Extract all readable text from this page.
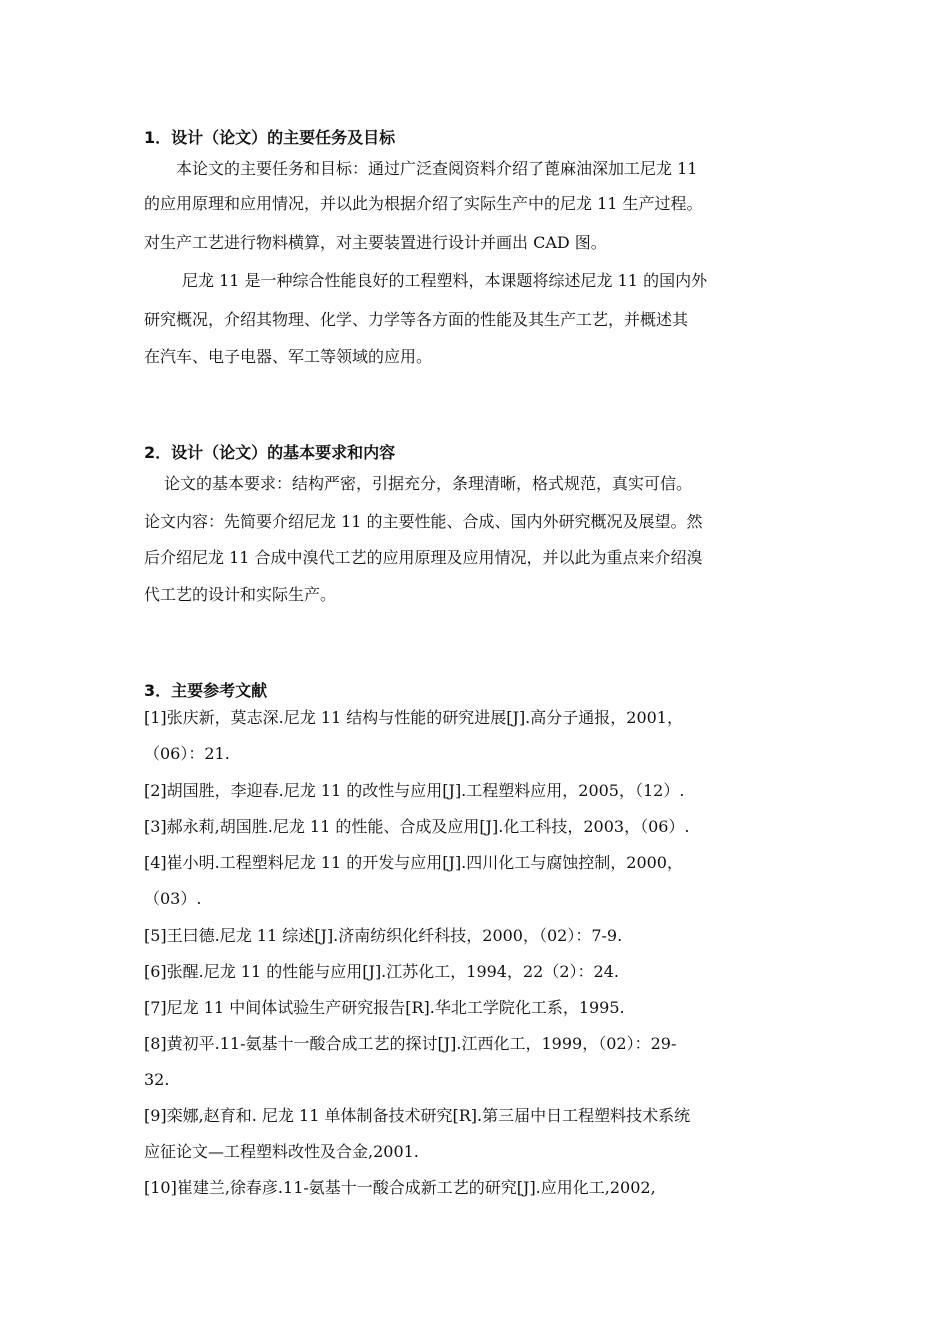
1．设计（论文）的主要任务及目标
本论文的主要任务和目标：通过广泛查阅资料介绍了蓖麻油深加工尼龙 11
的应用原理和应用情况，并以此为根据介绍了实际生产中的尼龙 11 生产过程。
对生产工艺进行物料横算，对主要装置进行设计并画出 CAD 图。
尼龙 11 是一种综合性能良好的工程塑料，本课题将综述尼龙 11 的国内外
研究概况，介绍其物理、化学、力学等各方面的性能及其生产工艺，并概述其
在汽车、电子电器、军工等领域的应用。
2．设计（论文）的基本要求和内容
论文的基本要求：结构严密，引据充分，条理清晰，格式规范，真实可信。
论文内容：先简要介绍尼龙 11 的主要性能、合成、国内外研究概况及展望。然
后介绍尼龙 11 合成中溴代工艺的应用原理及应用情况，并以此为重点来介绍溴
代工艺的设计和实际生产。
3．主要参考文献
[1]张庆新，莫志深.尼龙 11 结构与性能的研究进展[J].高分子通报，2001，
（06）：21.
[2]胡国胜，李迎春.尼龙 11 的改性与应用[J].工程塑料应用，2005，（12）.
[3]郝永莉,胡国胜.尼龙 11 的性能、合成及应用[J].化工科技，2003，（06）.
[4]崔小明.工程塑料尼龙 11 的开发与应用[J].四川化工与腐蚀控制，2000，
（03）.
[5]王曰德.尼龙 11 综述[J].济南纺织化纤科技，2000，（02）：7-9.
[6]张醒.尼龙 11 的性能与应用[J].江苏化工，1994，22（2）：24.
[7]尼龙 11 中间体试验生产研究报告[R].华北工学院化工系，1995.
[8]黄初平.11-氨基十一酸合成工艺的探讨[J].江西化工，1999，（02）：29-
32.
[9]栾娜,赵育和. 尼龙 11 单体制备技术研究[R].第三届中日工程塑料技术系统
应征论文—工程塑料改性及合金,2001.
[10]崔建兰,徐春彦.11-氨基十一酸合成新工艺的研究[J].应用化工,2002,
